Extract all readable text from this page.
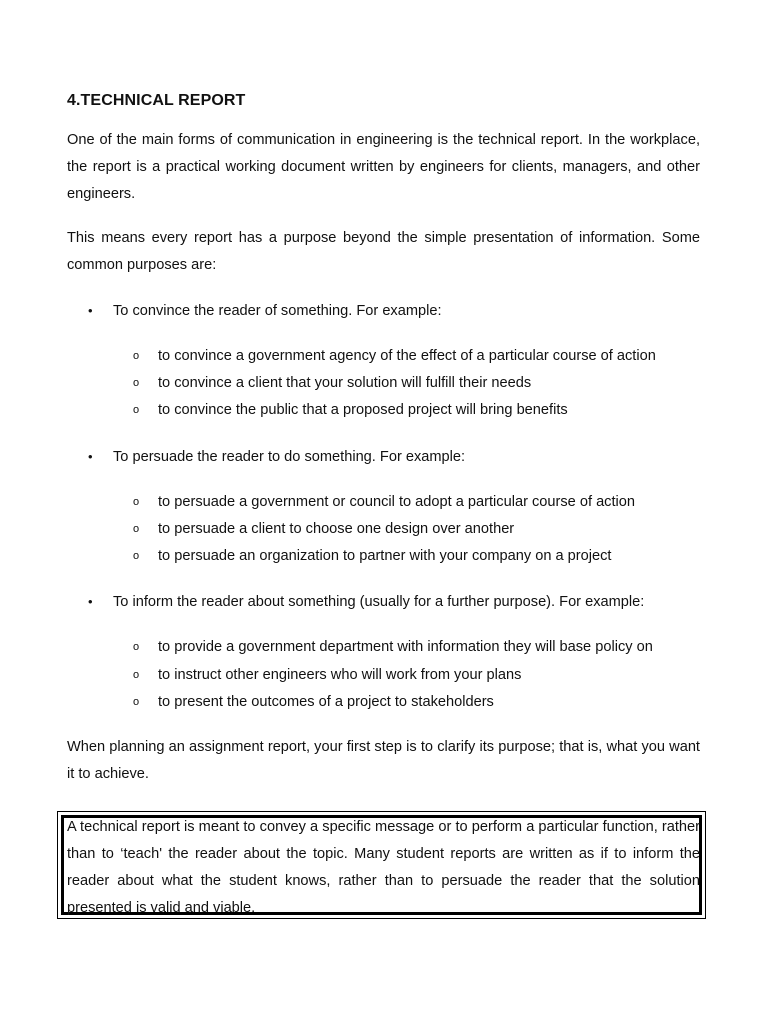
4.TECHNICAL REPORT
One of the main forms of communication in engineering is the technical report. In the workplace, the report is a practical working document written by engineers for clients, managers, and other engineers.
This means every report has a purpose beyond the simple presentation of information. Some common purposes are:
• To convince the reader of something. For example:
o to convince a government agency of the effect of a particular course of action
o to convince a client that your solution will fulfill their needs
o to convince the public that a proposed project will bring benefits
• To persuade the reader to do something. For example:
o to persuade a government or council to adopt a particular course of action
o to persuade a client to choose one design over another
o to persuade an organization to partner with your company on a project
• To inform the reader about something (usually for a further purpose). For example:
o to provide a government department with information they will base policy on
o to instruct other engineers who will work from your plans
o to present the outcomes of a project to stakeholders
When planning an assignment report, your first step is to clarify its purpose; that is, what you want it to achieve.
A technical report is meant to convey a specific message or to perform a particular function, rather than to ‘teach' the reader about the topic. Many student reports are written as if to inform the reader about what the student knows, rather than to persuade the reader that the solution presented is valid and viable.
